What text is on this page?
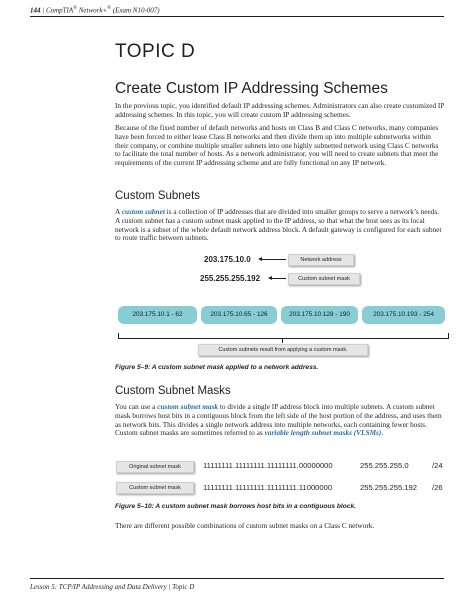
144 | CompTIA® Network+® (Exam N10-007)
TOPIC D
Create Custom IP Addressing Schemes
In the previous topic, you identified default IP addressing schemes. Administrators can also create customized IP addressing schemes. In this topic, you will create custom IP addressing schemes.
Because of the fixed number of default networks and hosts on Class B and Class C networks, many companies have been forced to either lease Class B networks and then divide them up into multiple subnetworks within their company, or combine multiple smaller subnets into one highly subnetted network using Class C networks to facilitate the total number of hosts. As a network administrator, you will need to create subnets that meet the requirements of the current IP addressing scheme and are fully functional on any IP network.
Custom Subnets
A custom subnet is a collection of IP addresses that are divided into smaller groups to serve a network’s needs. A custom subnet has a custom subnet mask applied to the IP address, so that what the host sees as its local network is a subset of the whole default network address block. A default gateway is configured for each subnet to route traffic between subnets.
203.175.10.0	Network address
255.255.255.192	Custom subnet mask
203.175.10.1 - 62	203.175.10.65 - 126	203.175.10.128 - 190	203.175.10.193 - 254
Custom subnets result from applying a custom mask.
Figure 5–9: A custom subnet mask applied to a network address.
Custom Subnet Masks
You can use a custom subnet mask to divide a single IP address block into multiple subnets. A custom subnet mask borrows host bits in a contiguous block from the left side of the host portion of the address, and uses them as network bits. This divides a single network address into multiple networks, each containing fewer hosts. Custom subnet masks are sometimes referred to as variable length subnet masks (VLSMs).
Original subnet mask	11111111.11111111.11111111.00000000	255.255.255.0	/24
Custom subnet mask	11111111.11111111.11111111.11000000	255.255.255.192 /26
Figure 5–10: A custom subnet mask borrows host bits in a contiguous block.
There are different possible combinations of custom subnet masks on a Class C network.
Lesson 5: TCP/IP Addressing and Data Delivery | Topic D
